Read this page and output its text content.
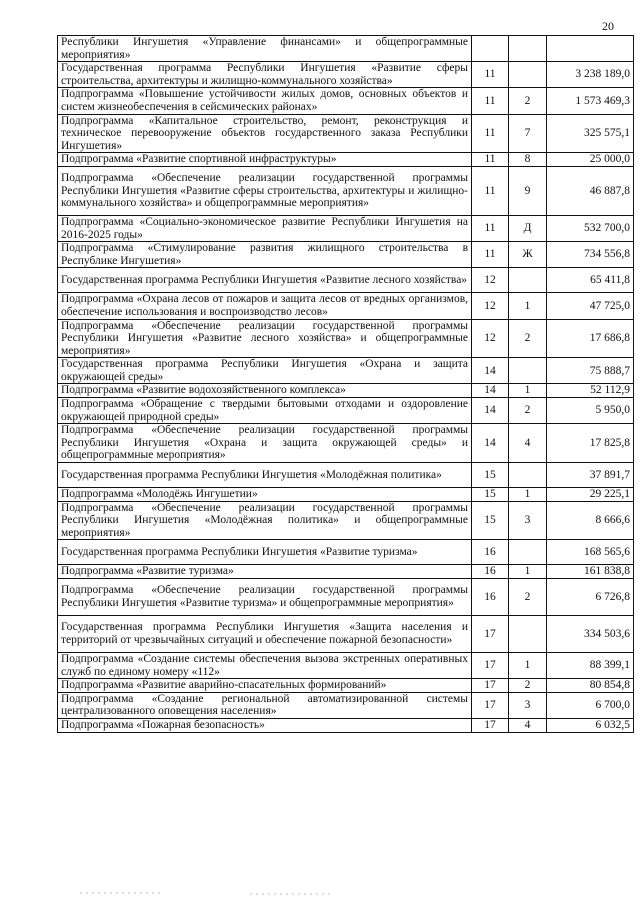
20
Республики Ингушетия «Управление финансами» и общепрограммные мероприятия»			
Государственная программа Республики Ингушетия «Развитие сферы строительства, архитектуры и жилищно-коммунального хозяйства»	11		3 238 189,0
Подпрограмма «Повышение устойчивости жилых домов, основных объектов и систем жизнеобеспечения в сейсмических районах»	11	2	1 573 469,3
Подпрограмма «Капитальное строительство, ремонт, реконструкция и техническое перевооружение объектов государственного заказа Республики Ингушетия»	11	7	325 575,1
Подпрограмма «Развитие спортивной инфраструктуры»	11	8	25 000,0
Подпрограмма «Обеспечение реализации государственной программы Республики Ингушетия «Развитие сферы строительства, архитектуры и жилищно-коммунального хозяйства» и общепрограммные мероприятия»	11	9	46 887,8
Подпрограмма «Социально-экономическое развитие Республики Ингушетия на 2016-2025 годы»	11	Д	532 700,0
Подпрограмма «Стимулирование развития жилищного строительства в Республике Ингушетия»	11	Ж	734 556,8
Государственная программа Республики Ингушетия «Развитие лесного хозяйства»	12		65 411,8
Подпрограмма «Охрана лесов от пожаров и защита лесов от вредных организмов, обеспечение использования и воспроизводство лесов»	12	1	47 725,0
Подпрограмма «Обеспечение реализации государственной программы Республики Ингушетия «Развитие лесного хозяйства» и общепрограммные мероприятия»	12	2	17 686,8
Государственная программа Республики Ингушетия «Охрана и защита окружающей среды»	14		75 888,7
Подпрограмма «Развитие водохозяйственного комплекса»	14	1	52 112,9
Подпрограмма «Обращение с твердыми бытовыми отходами и оздоровление окружающей природной среды»	14	2	5 950,0
Подпрограмма «Обеспечение реализации государственной программы Республики Ингушетия «Охрана и защита окружающей среды» и общепрограммные мероприятия»	14	4	17 825,8
Государственная программа Республики Ингушетия «Молодёжная политика»	15		37 891,7
Подпрограмма «Молодёжь Ингушетии»	15	1	29 225,1
Подпрограмма «Обеспечение реализации государственной программы Республики Ингушетия «Молодёжная политика» и общепрограммные мероприятия»	15	3	8 666,6
Государственная программа Республики Ингушетия «Развитие туризма»	16		168 565,6
Подпрограмма «Развитие туризма»	16	1	161 838,8
Подпрограмма «Обеспечение реализации государственной программы Республики Ингушетия «Развитие туризма» и общепрограммные мероприятия»	16	2	6 726,8
Государственная программа Республики Ингушетия «Защита населения и территорий от чрезвычайных ситуаций и обеспечение пожарной безопасности»	17		334 503,6
Подпрограмма «Создание системы обеспечения вызова экстренных оперативных служб по единому номеру «112»	17	1	88 399,1
Подпрограмма «Развитие аварийно-спасательных формирований»	17	2	80 854,8
Подпрограмма «Создание региональной автоматизированной системы централизованного оповещения населения»	17	3	6 700,0
Подпрограмма «Пожарная безопасность»	17	4	6 032,5
